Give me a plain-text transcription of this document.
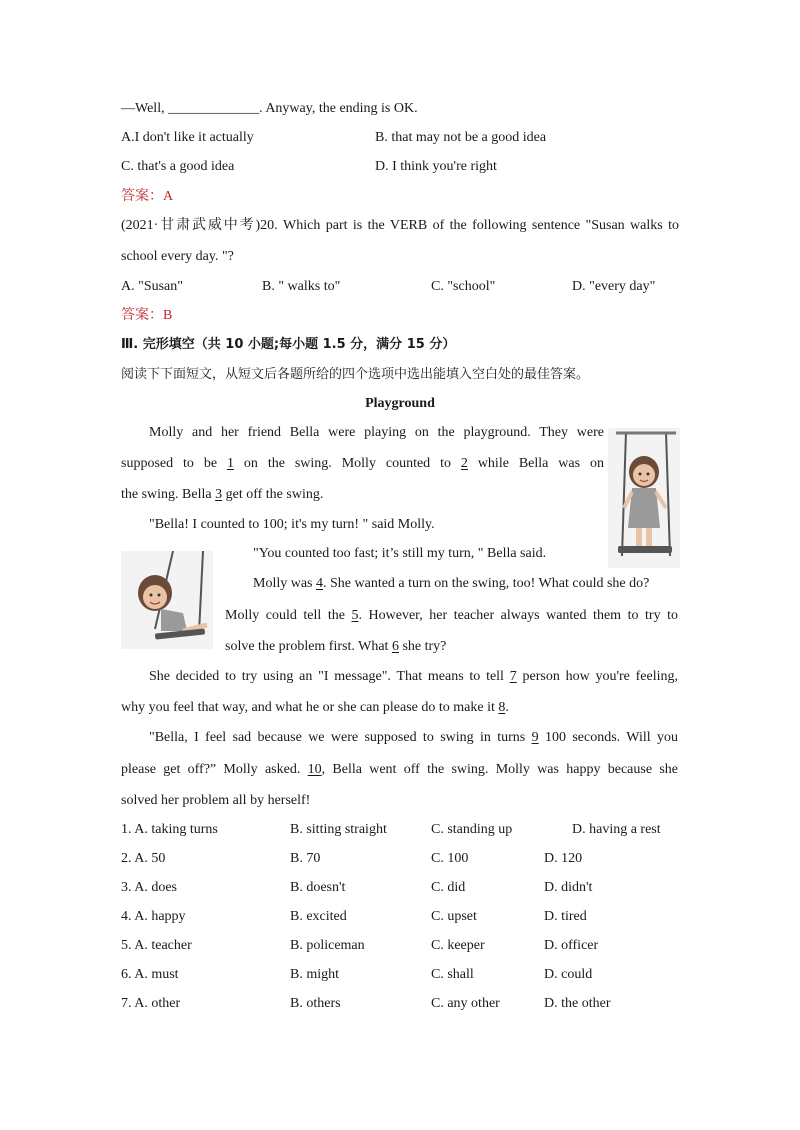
—Well, _____________. Anyway, the ending is OK.
A.I don't like it actually	B. that may not be a good idea
C. that's a good idea	D. I think you're right
答案：A
(2021·甘肃武威中考)20. Which part is the VERB of the following sentence "Susan walks to
school every day. "?
A. "Susan"	B. " walks to"	C. "school"	D. "every day"
答案：B
Ⅲ. 完形填空（共 10 小题;每小题 1.5 分，满分 15 分）
阅读下下面短文，从短文后各题所给的四个选项中选出能填入空白处的最佳答案。
Playground
Molly and her friend Bella were playing on the playground. They were
supposed to be 1 on the swing. Molly counted to 2 while Bella was on
the swing. Bella 3 get off the swing.
"Bella! I counted to 100; it's my turn! " said Molly.
"You counted too fast; it’s still my turn, " Bella said.
Molly was 4. She wanted a turn on the swing, too! What could she do?
Molly could tell the 5. However, her teacher always wanted them to try to
solve the problem first. What 6 she try?
She decided to try using an "I message". That means to tell 7 person how you're feeling,
why you feel that way, and what he or she can please do to make it 8.
"Bella, I feel sad because we were supposed to swing in turns 9 100 seconds. Will you
please get off?” Molly asked. 10, Bella went off the swing. Molly was happy because she
solved her problem all by herself!
1. A. taking turns	B. sitting straight	C. standing up	D. having a rest
2. A. 50	B. 70	C. 100	D. 120
3. A. does	B. doesn't	C. did	D. didn't
4. A. happy	B. excited	C. upset	D. tired
5. A. teacher	B. policeman	C. keeper	D. officer
6. A. must	B. might	C. shall	D. could
7. A. other	B. others	C. any other	D. the other
